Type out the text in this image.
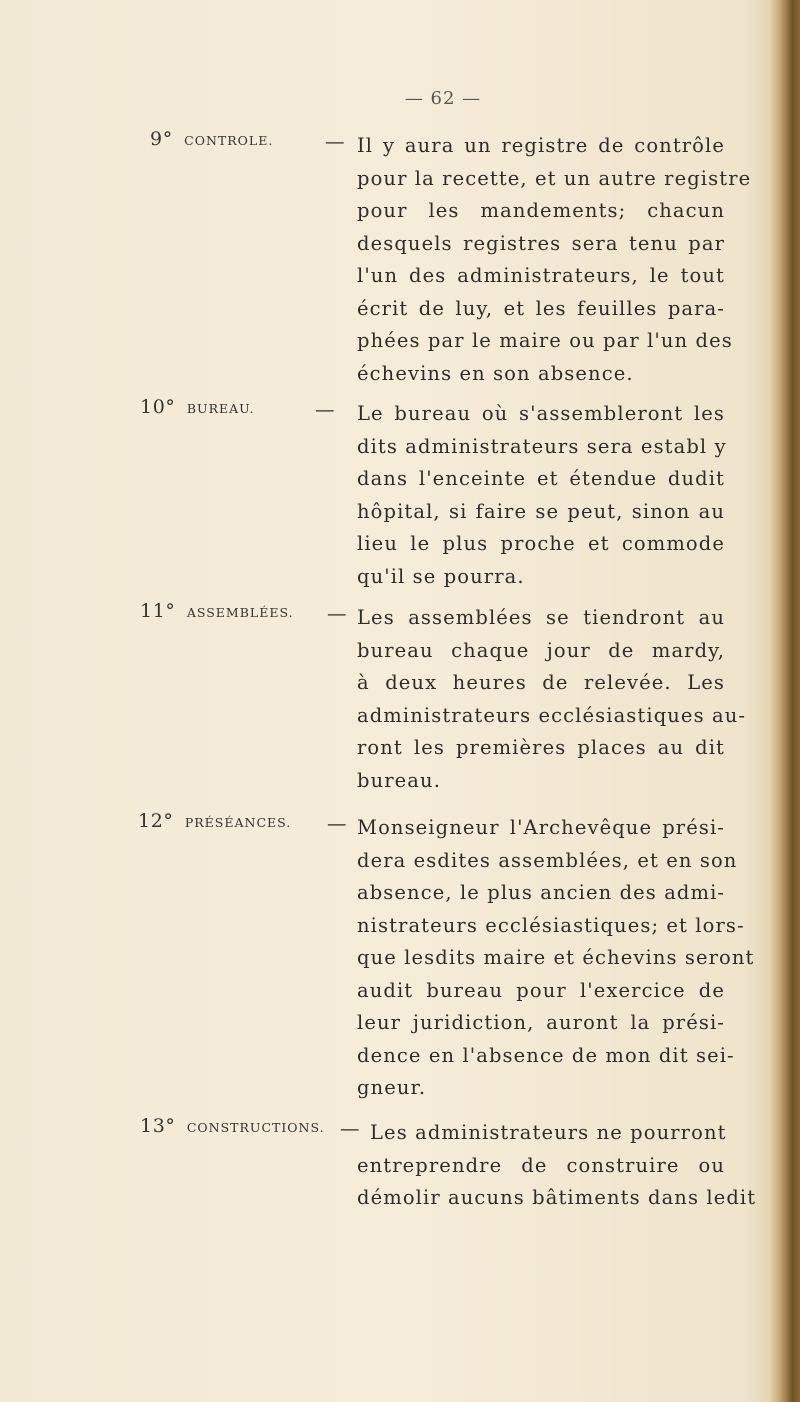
— 62 —
9° CONTROLE.	— Il y aura un registre de contrôle
pour la recette, et un autre registre
pour les mandements; chacun
desquels registres sera tenu par
l'un des administrateurs, le tout
écrit de luy, et les feuilles para-
phées par le maire ou par l'un des
échevins en son absence.
10° BUREAU.	— Le bureau où s'assembleront les
dits administrateurs sera establ y
dans l'enceinte et étendue dudit
hôpital, si faire se peut, sinon au
lieu le plus proche et commode
qu'il se pourra.
11° ASSEMBLÉES. — Les assemblées se tiendront au
bureau chaque jour de mardy,
à deux heures de relevée. Les
administrateurs ecclésiastiques au-
ront les premières places au dit
bureau.
12° PRÉSÉANCES. — Monseigneur l'Archevêque prési-
dera esdites assemblées, et en son
absence, le plus ancien des admi-
nistrateurs ecclésiastiques; et lors-
que lesdits maire et échevins seront
audit bureau pour l'exercice de
leur juridiction, auront la prési-
dence en l'absence de mon dit sei-
gneur.
13° CONSTRUCTIONS. — Les administrateurs ne pourront
entreprendre de construire ou
démolir aucuns bâtiments dans ledit
